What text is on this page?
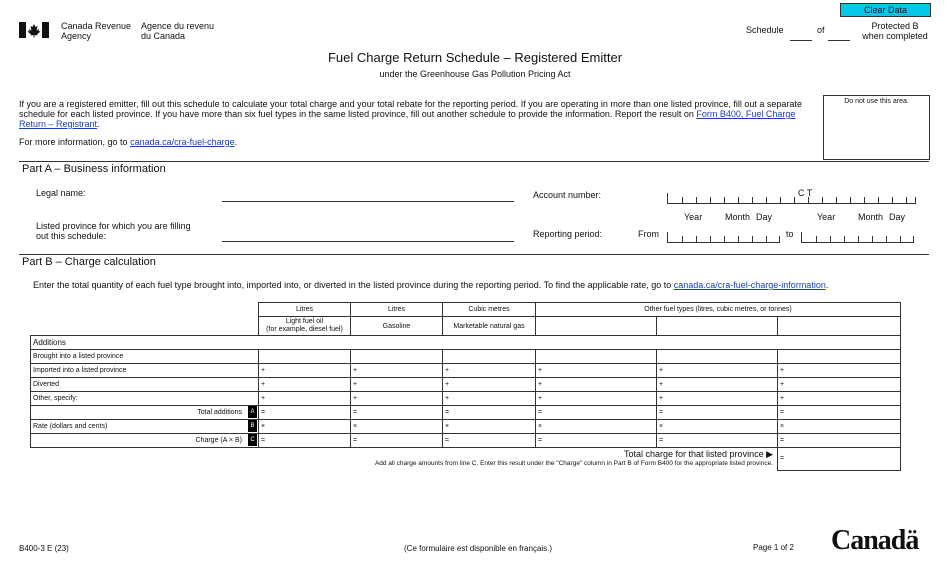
Canada Revenue
Agency
Agence du revenu
du Canada
Clear Data
Schedule	of	Protected B
when completed
Fuel Charge Return Schedule – Registered Emitter
under the Greenhouse Gas Pollution Pricing Act
If you are a registered emitter, fill out this schedule to calculate your total charge and your total rebate for the reporting period. If you are operating in more than one listed province, fill out a separate schedule for each listed province. If you have more than six fuel types in the same listed province, fill out another schedule to provide the information. Report the result on Form B400, Fuel Charge Return – Registrant.
For more information, go to canada.ca/cra-fuel-charge.
Do not use this area.
Part A – Business information
Legal name:
Listed province for which you are filling
out this schedule:
Account number:	C T
Year	Month Day	Year	Month Day
Reporting period:	From	to
Part B – Charge calculation
Enter the total quantity of each fuel type brought into, imported into, or diverted in the listed province during the reporting period. To find the applicable rate, go to canada.ca/cra-fuel-charge-information.
	Litres	Litres	Cubic metres	Other fuel types (litres, cubic metres, or tonnes)		

	Light fuel oil
(for example, diesel fuel)	Gasoline	Marketable natural gas			
Additions						
Brought into a listed province						
Imported into a listed province	+	+	+	+	+	+
Diverted	+	+	+	+	+	+

Other, specify:	+	+	+	+	+	+
Total additions A	=	=	=	=	=	=
Rate (dollars and cents) B	×	×	×	×	×	×
Charge (A × B) C	=	=	=	=	=	=

Total charge for that listed province ▶
Add all charge amounts from line C. Enter this result under the "Charge" column in Part B of Form B400 for the appropriate listed province.						=
B400-3 E (23)	(Ce formulaire est disponible en français.)	Page 1 of 2 Canadä
